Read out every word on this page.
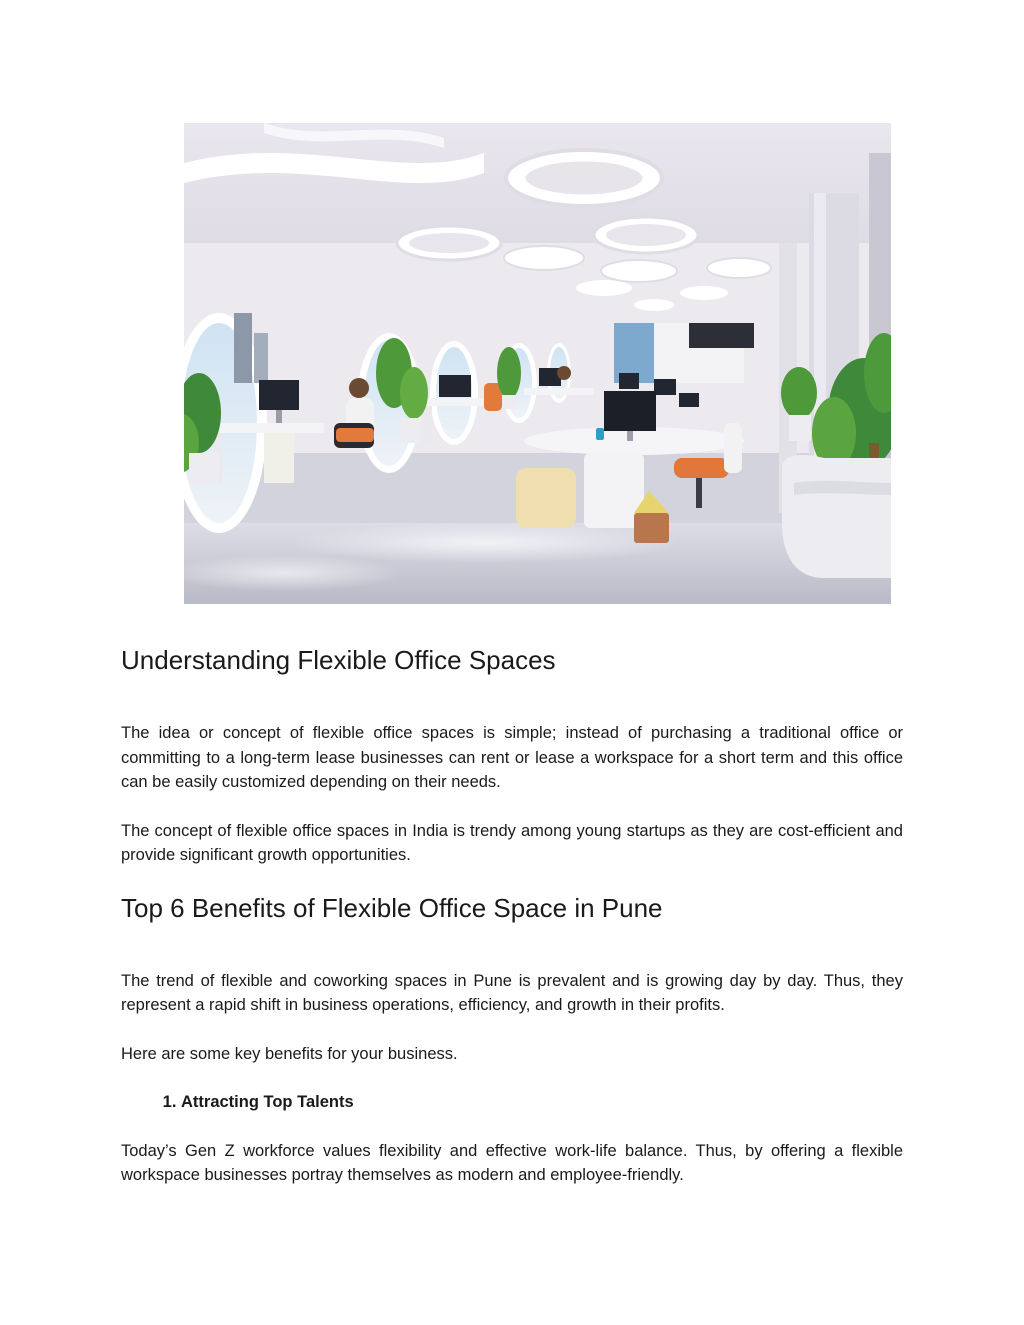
Understanding Flexible Office Spaces

The idea or concept of flexible office spaces is simple; instead of purchasing a traditional office or committing to a long-term lease businesses can rent or lease a workspace for a short term and this office can be easily customized depending on their needs.

The concept of flexible office spaces in India is trendy among young startups as they are cost-efficient and provide significant growth opportunities.

Top 6 Benefits of Flexible Office Space in Pune

The trend of flexible and coworking spaces in Pune is prevalent and is growing day by day. Thus, they represent a rapid shift in business operations, efficiency, and growth in their profits.

Here are some key benefits for your business.

1. Attracting Top Talents

Today’s Gen Z workforce values flexibility and effective work-life balance. Thus, by offering a flexible workspace businesses portray themselves as modern and employee-friendly.
